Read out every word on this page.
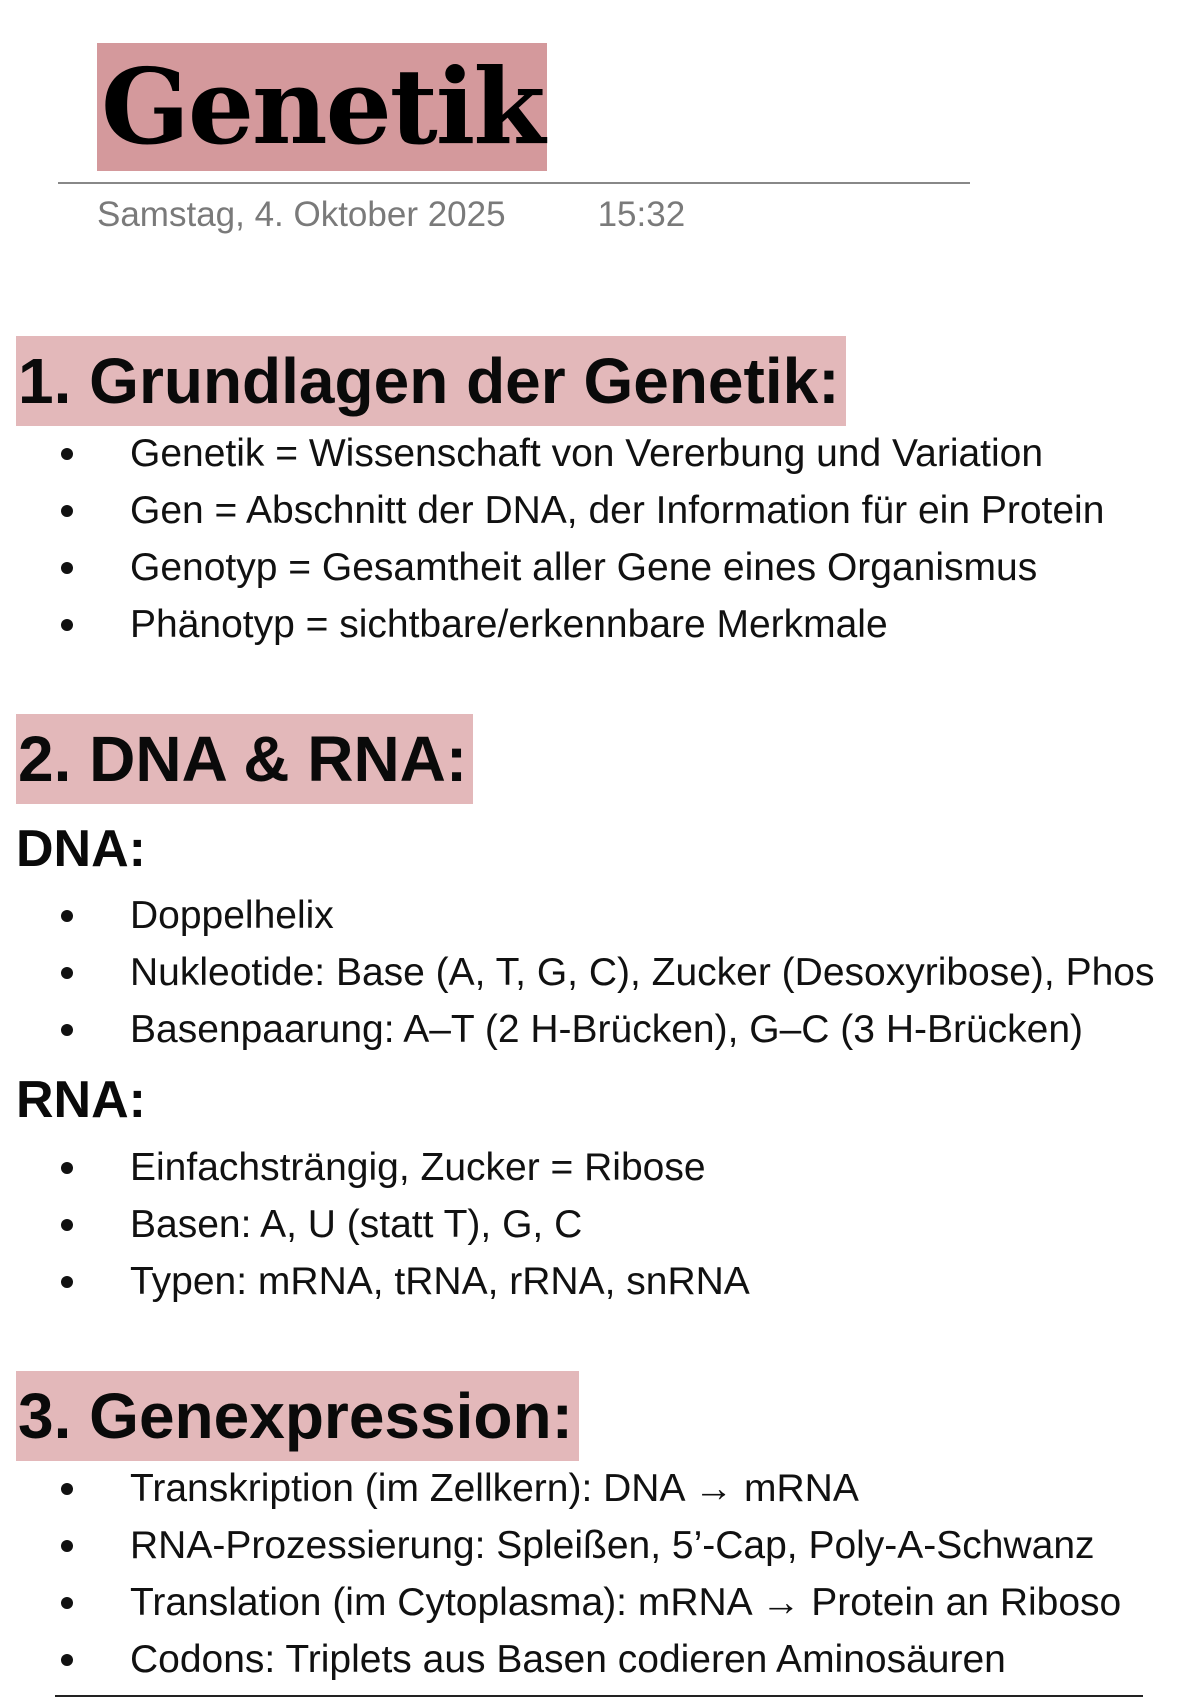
Genetik
Samstag, 4. Oktober 2025	15:32
1. Grundlagen der Genetik:
Genetik = Wissenschaft von Vererbung und Variation
Gen = Abschnitt der DNA, der Information für ein Protein
Genotyp = Gesamtheit aller Gene eines Organismus
Phänotyp = sichtbare/erkennbare Merkmale
2. DNA & RNA:
DNA:
Doppelhelix
Nukleotide: Base (A, T, G, C), Zucker (Desoxyribose), Phos
Basenpaarung: A–T (2 H-Brücken), G–C (3 H-Brücken)
RNA:
Einfachsträngig, Zucker = Ribose
Basen: A, U (statt T), G, C
Typen: mRNA, tRNA, rRNA, snRNA
3. Genexpression:
Transkription (im Zellkern): DNA → mRNA
RNA-Prozessierung: Spleißen, 5’-Cap, Poly-A-Schwanz
Translation (im Cytoplasma): mRNA → Protein an Riboso
Codons: Triplets aus Basen codieren Aminosäuren
